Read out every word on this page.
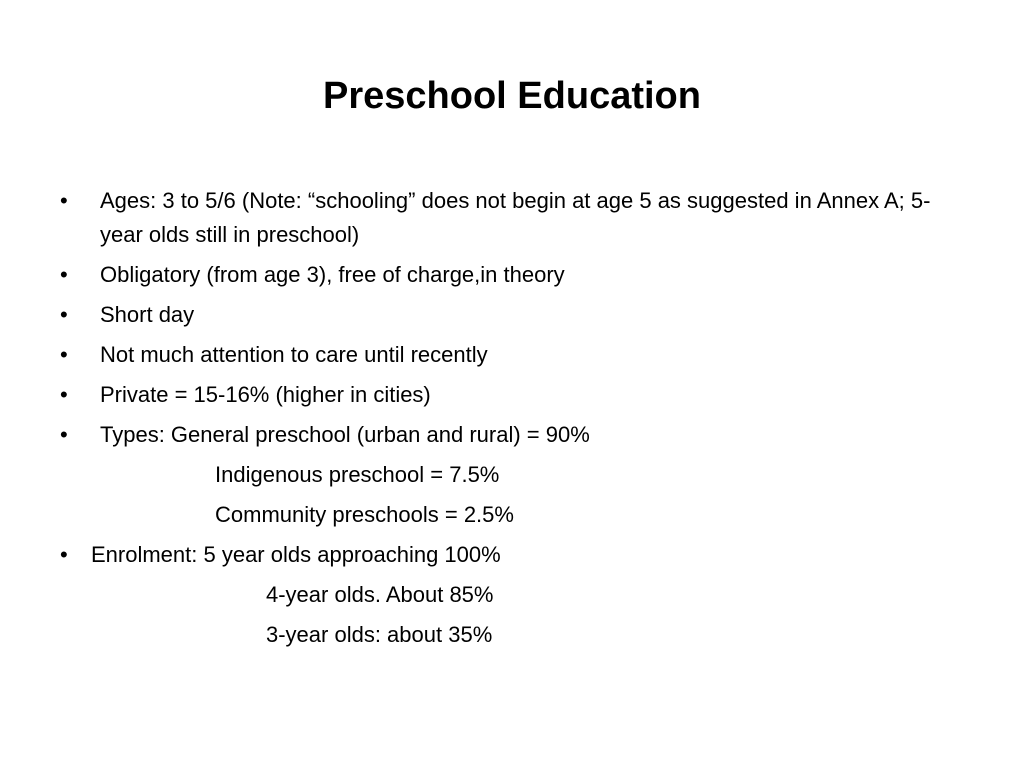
Preschool Education
•	Ages: 3 to 5/6 (Note: “schooling” does not begin at age 5 as suggested in Annex A; 5-year olds still in preschool)
•	Obligatory (from age 3), free of charge,in theory
•	Short day
•	Not much attention to care until recently
•	Private = 15-16% (higher in cities)
•	Types: General preschool (urban and rural) = 90%
Indigenous preschool = 7.5%
Community preschools = 2.5%
•	Enrolment: 5 year olds approaching 100%
4-year olds. About 85%
3-year olds: about 35%
